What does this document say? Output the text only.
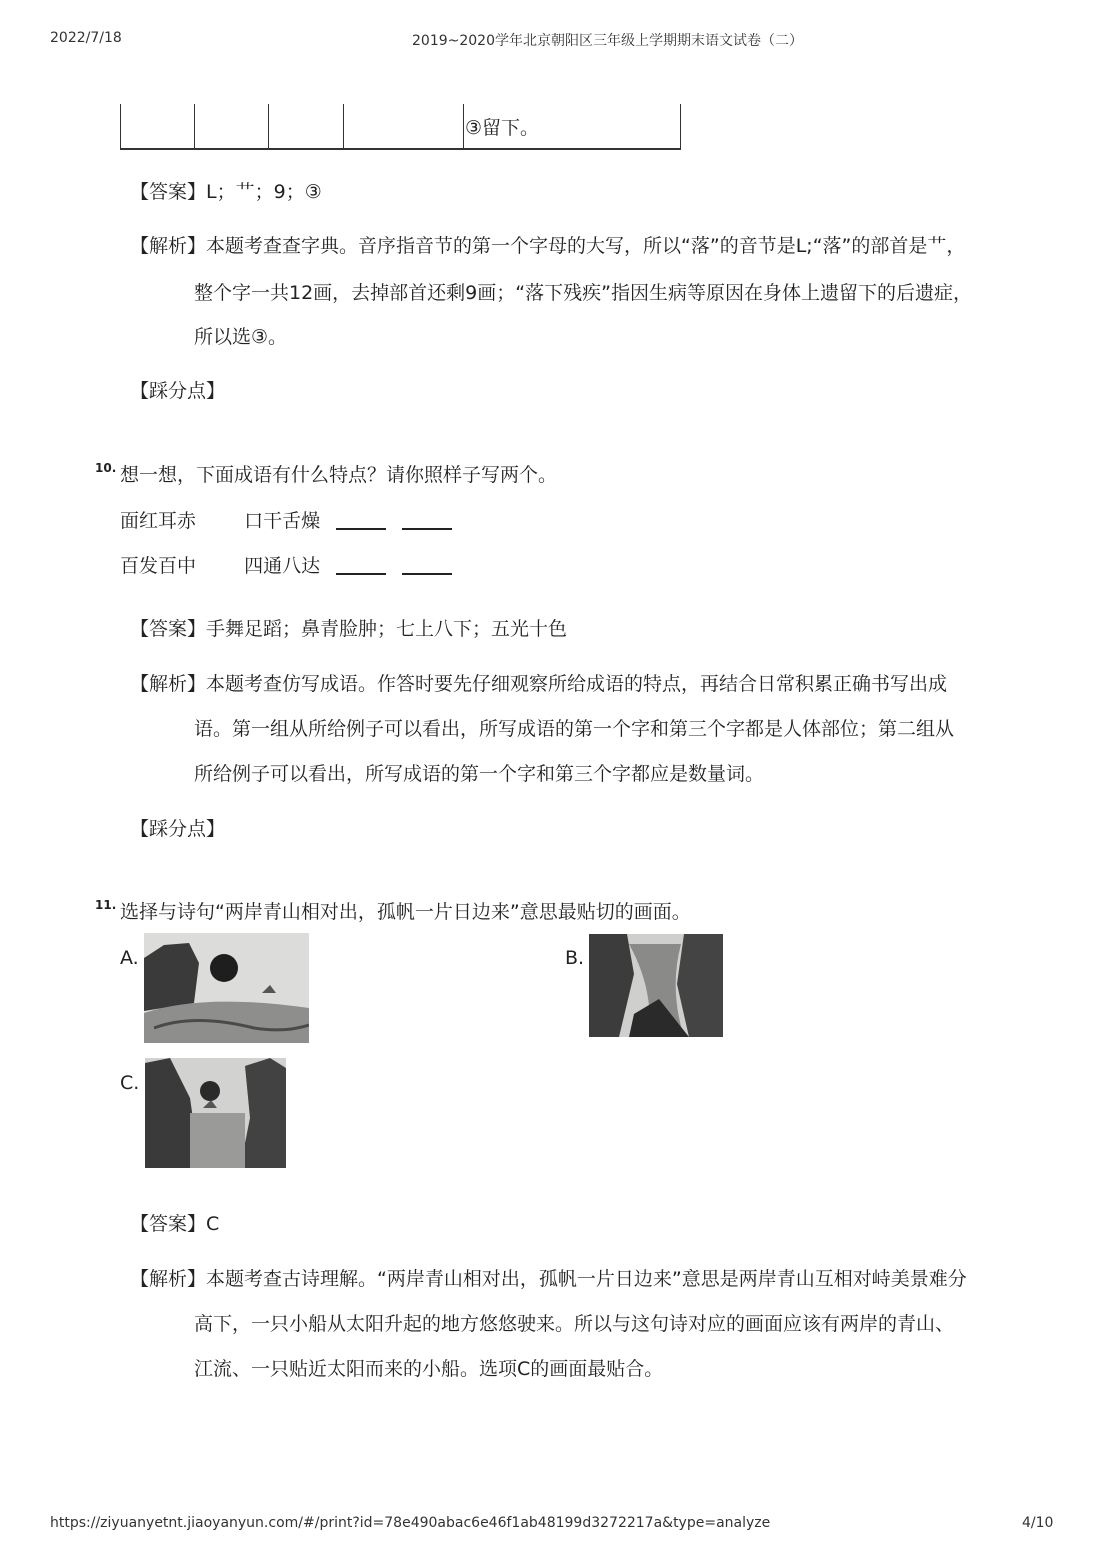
2022/7/18	2019~2020学年北京朝阳区三年级上学期期末语文试卷（二）
③留下。
【答案】L；艹；9；③
【解析】本题考查查字典。音序指音节的第一个字母的大写，所以“落”的音节是L;“落”的部首是艹，
整个字一共12画，去掉部首还剩9画；“落下残疾”指因生病等原因在身体上遗留下的后遗症，
所以选③。
【踩分点】
10. 想一想，下面成语有什么特点？请你照样子写两个。
面红耳赤	口干舌燥
百发百中	四通八达
【答案】手舞足蹈；鼻青脸肿；七上八下；五光十色
【解析】本题考查仿写成语。作答时要先仔细观察所给成语的特点，再结合日常积累正确书写出成
语。第一组从所给例子可以看出，所写成语的第一个字和第三个字都是人体部位；第二组从
所给例子可以看出，所写成语的第一个字和第三个字都应是数量词。
【踩分点】
11. 选择与诗句“两岸青山相对出，孤帆一片日边来”意思最贴切的画面。
A.	B.
C.
【答案】C
【解析】本题考查古诗理解。“两岸青山相对出，孤帆一片日边来”意思是两岸青山互相对峙美景难分
高下，一只小船从太阳升起的地方悠悠驶来。所以与这句诗对应的画面应该有两岸的青山、
江流、一只贴近太阳而来的小船。选项C的画面最贴合。
https://ziyuanyetnt.jiaoyanyun.com/#/print?id=78e490abac6e46f1ab48199d3272217a&type=analyze	4/10
